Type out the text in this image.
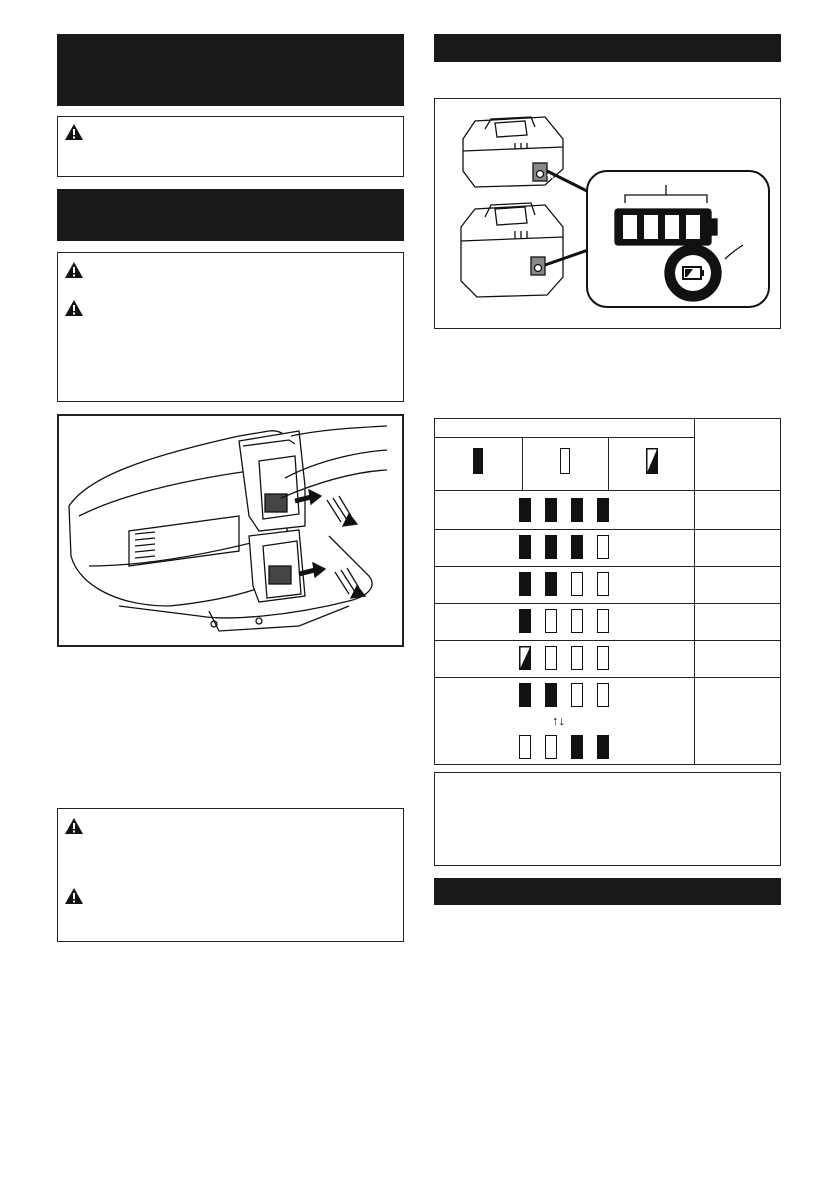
↑↓
